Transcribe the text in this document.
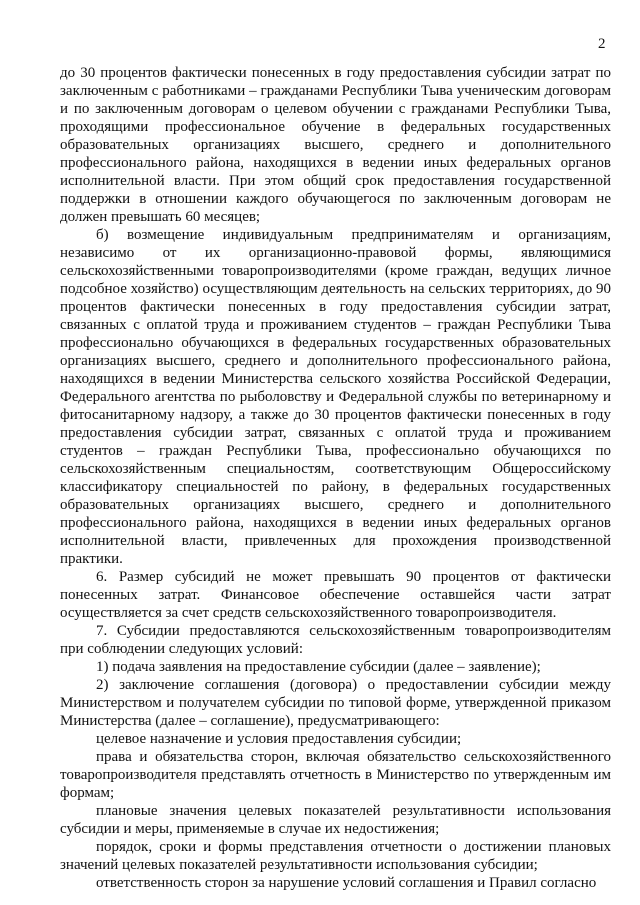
2

до 30 процентов фактически понесенных в году предоставления субсидии затрат по заключенным с работниками – гражданами Республики Тыва ученическим договорам и по заключенным договорам о целевом обучении с гражданами Республики Тыва, проходящими профессиональное обучение в федеральных государственных образовательных организациях высшего, среднего и дополнительного профессионального района, находящихся в ведении иных федеральных органов исполнительной власти. При этом общий срок предоставления государственной поддержки в отношении каждого обучающегося по заключенным договорам не должен превышать 60 месяцев;

б) возмещение индивидуальным предпринимателям и организациям, независимо от их организационно-правовой формы, являющимися сельскохозяйственными товаропроизводителями (кроме граждан, ведущих личное подсобное хозяйство) осуществляющим деятельность на сельских территориях, до 90 процентов фактически понесенных в году предоставления субсидии затрат, связанных с оплатой труда и проживанием студентов – граждан Республики Тыва профессионально обучающихся в федеральных государственных образовательных организациях высшего, среднего и дополнительного профессионального района, находящихся в ведении Министерства сельского хозяйства Российской Федерации, Федерального агентства по рыболовству и Федеральной службы по ветеринарному и фитосанитарному надзору, а также до 30 процентов фактически понесенных в году предоставления субсидии затрат, связанных с оплатой труда и проживанием студентов – граждан Республики Тыва, профессионально обучающихся по сельскохозяйственным специальностям, соответствующим Общероссийскому классификатору специальностей по району, в федеральных государственных образовательных организациях высшего, среднего и дополнительного профессионального района, находящихся в ведении иных федеральных органов исполнительной власти, привлеченных для прохождения производственной практики.

6. Размер субсидий не может превышать 90 процентов от фактически понесенных затрат. Финансовое обеспечение оставшейся части затрат осуществляется за счет средств сельскохозяйственного товаропроизводителя.

7. Субсидии предоставляются сельскохозяйственным товаропроизводителям при соблюдении следующих условий:

1) подача заявления на предоставление субсидии (далее – заявление);

2) заключение соглашения (договора) о предоставлении субсидии между Министерством и получателем субсидии по типовой форме, утвержденной приказом Министерства (далее – соглашение), предусматривающего:

целевое назначение и условия предоставления субсидии;

права и обязательства сторон, включая обязательство сельскохозяйственного товаропроизводителя представлять отчетность в Министерство по утвержденным им формам;

плановые значения целевых показателей результативности использования субсидии и меры, применяемые в случае их недостижения;

порядок, сроки и формы представления отчетности о достижении плановых значений целевых показателей результативности использования субсидии;

ответственность сторон за нарушение условий соглашения и Правил согласно
